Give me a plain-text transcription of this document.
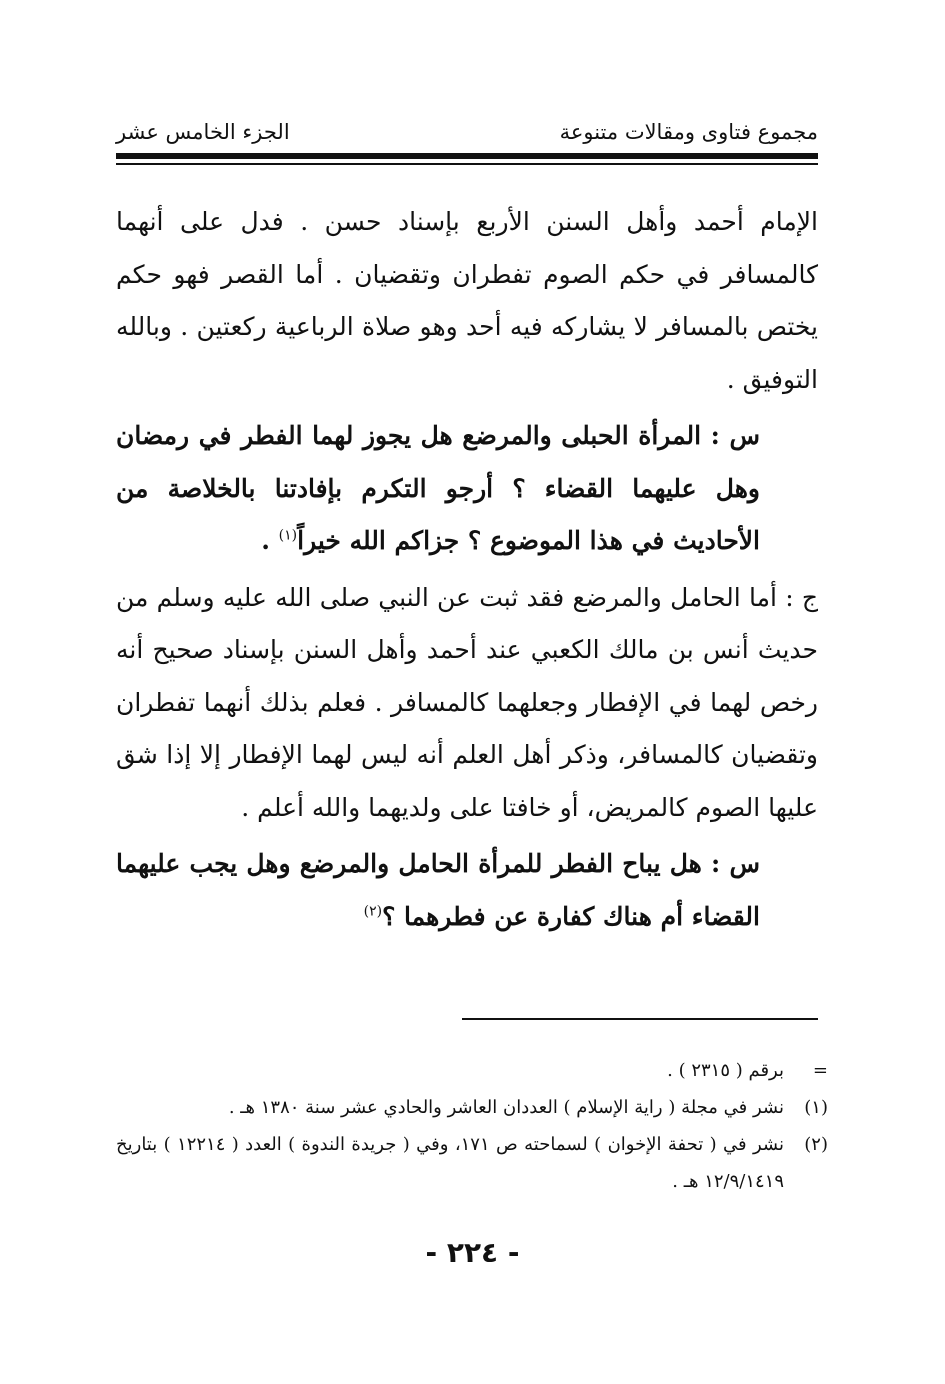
مجموع فتاوى ومقالات متنوعة
الجزء الخامس عشر

الإمام أحمد وأهل السنن الأربع بإسناد حسن . فدل على أنهما كالمسافر في حكم الصوم تفطران وتقضيان . أما القصر فهو حكم يختص بالمسافر لا يشاركه فيه أحد وهو صلاة الرباعية ركعتين . وبالله التوفيق .

س : المرأة الحبلى والمرضع هل يجوز لهما الفطر في رمضان وهل عليهما القضاء ؟ أرجو التكرم بإفادتنا بالخلاصة من الأحاديث في هذا الموضوع ؟ جزاكم الله خيراً$^{(١)}$ .

ج : أما الحامل والمرضع فقد ثبت عن النبي صلى الله عليه وسلم من حديث أنس بن مالك الكعبي عند أحمد وأهل السنن بإسناد صحيح أنه رخص لهما في الإفطار وجعلهما كالمسافر . فعلم بذلك أنهما تفطران وتقضيان كالمسافر، وذكر أهل العلم أنه ليس لهما الإفطار إلا إذا شق عليها الصوم كالمريض، أو خافتا على ولديهما والله أعلم .

س : هل يباح الفطر للمرأة الحامل والمرضع وهل يجب عليهما القضاء أم هناك كفارة عن فطرهما ؟$^{(٢)}$

=
برقم ( ٢٣١٥ ) .
(١)
نشر في مجلة ( راية الإسلام ) العددان العاشر والحادي عشر سنة ١٣٨٠ هـ .
(٢)
نشر في ( تحفة الإخوان ) لسماحته ص ١٧١، وفي ( جريدة الندوة ) العدد ( ١٢٢١٤ ) بتاريخ ١٢/٩/١٤١٩ هـ .
- ٢٢٤ -
